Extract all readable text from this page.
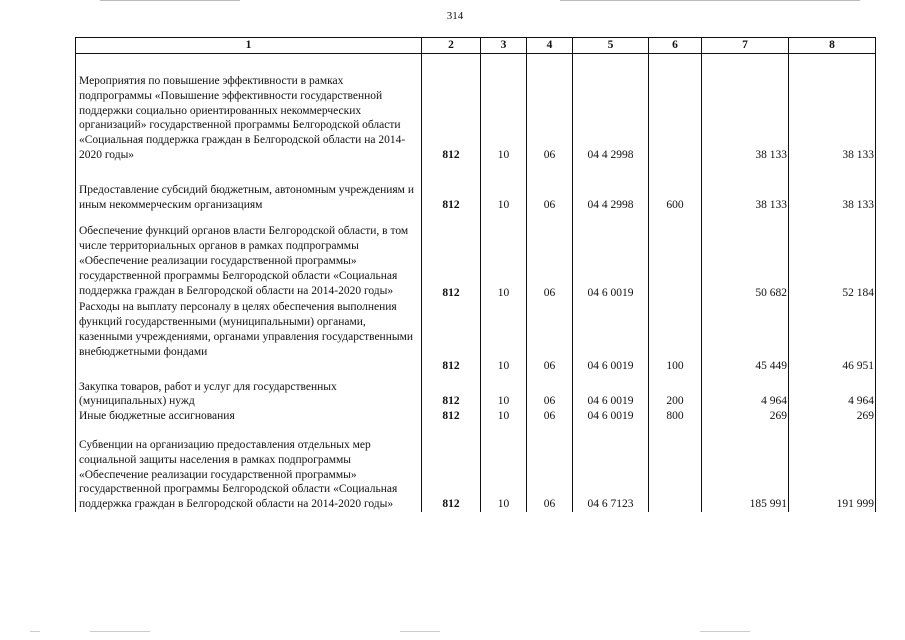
314
1	2	3	4	5	6	7	8

Мероприятия по повышение эффективности в рамках подпрограммы «Повышение эффективности государственной поддержки социально ориентированных некоммерческих организаций» государственной программы Белгородской области «Социальная поддержка граждан в Белгородской области на 2014-2020 годы»	812	10	06	04 4 2998		38 133	38 133

Предоставление субсидий бюджетным, автономным учреждениям и иным некоммерческим организациям	812	10	06	04 4 2998	600	38 133	38 133

Обеспечение функций органов власти Белгородской области, в том числе территориальных органов в рамках подпрограммы «Обеспечение реализации государственной программы» государственной программы Белгородской области «Социальная поддержка граждан в Белгородской области на 2014-2020 годы»	812	10	06	04 6 0019		50 682	52 184
Расходы на выплату персоналу в целях обеспечения выполнения функций государственными (муниципальными) органами, казенными учреждениями, органами управления государственными внебюджетными фондами	812	10	06	04 6 0019	100	45 449	46 951

Закупка товаров, работ и услуг для государственных (муниципальных) нужд	812	10	06	04 6 0019	200	4 964	4 964
Иные бюджетные ассигнования	812	10	06	04 6 0019	800	269	269

Субвенции на организацию предоставления отдельных мер социальной защиты населения в рамках подпрограммы «Обеспечение реализации государственной программы» государственной программы Белгородской области «Социальная поддержка граждан в Белгородской области на 2014-2020 годы»	812	10	06	04 6 7123		185 991	191 999
